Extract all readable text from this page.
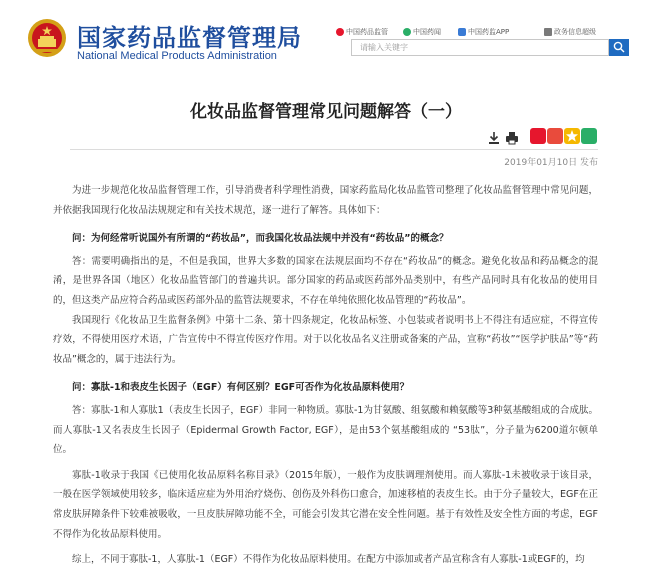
国家药品监督管理局
National Medical Products Administration
中国药品监管	中国药闻	中国药监APP	政务信息超级
请输入关键字
化妆品监督管理常见问题解答（一）
2019年01月10日 发布

为进一步规范化妆品监督管理工作，引导消费者科学理性消费，国家药监局化妆品监管司整理了化妆品监督管理中常见问题，并依据我国现行化妆品法规规定和有关技术规范，逐一进行了解答。具体如下：

问：为何经常听说国外有所谓的“药妆品”，而我国化妆品法规中并没有“药妆品”的概念？

答：需要明确指出的是，不但是我国，世界大多数的国家在法规层面均不存在“药妆品”的概念。避免化妆品和药品概念的混淆，是世界各国（地区）化妆品监管部门的普遍共识。部分国家的药品或医药部外品类别中，有些产品同时具有化妆品的使用目的，但这类产品应符合药品或医药部外品的监管法规要求，不存在单纯依照化妆品管理的“药妆品”。

我国现行《化妆品卫生监督条例》中第十二条、第十四条规定，化妆品标签、小包装或者说明书上不得注有适应症，不得宣传疗效，不得使用医疗术语，广告宣传中不得宣传医疗作用。对于以化妆品名义注册或备案的产品，宣称“药妆”“医学护肤品”等“药妆品”概念的，属于违法行为。

问：寡肽-1和表皮生长因子（EGF）有何区别？EGF可否作为化妆品原料使用？

答：寡肽-1和人寡肽1（表皮生长因子，EGF）非同一种物质。寡肽-1为甘氨酸、组氨酸和赖氨酸等3种氨基酸组成的合成肽。而人寡肽-1又名表皮生长因子（Epidermal Growth Factor, EGF），是由53个氨基酸组成的 “53肽”，分子量为6200道尔顿单位。

寡肽-1收录于我国《已使用化妆品原料名称目录》（2015年版），一般作为皮肤调理剂使用。而人寡肽-1未被收录于该目录，一般在医学领域使用较多，临床适应症为外用治疗烧伤、创伤及外科伤口愈合，加速移植的表皮生长。由于分子量较大，EGF在正常皮肤屏障条件下较难被吸收，一旦皮肤屏障功能不全，可能会引发其它潜在安全性问题。基于有效性及安全性方面的考虑，EGF不得作为化妆品原料使用。

综上，不同于寡肽-1，人寡肽-1（EGF）不得作为化妆品原料使用。在配方中添加或者产品宣称含有人寡肽-1或EGF的，均
